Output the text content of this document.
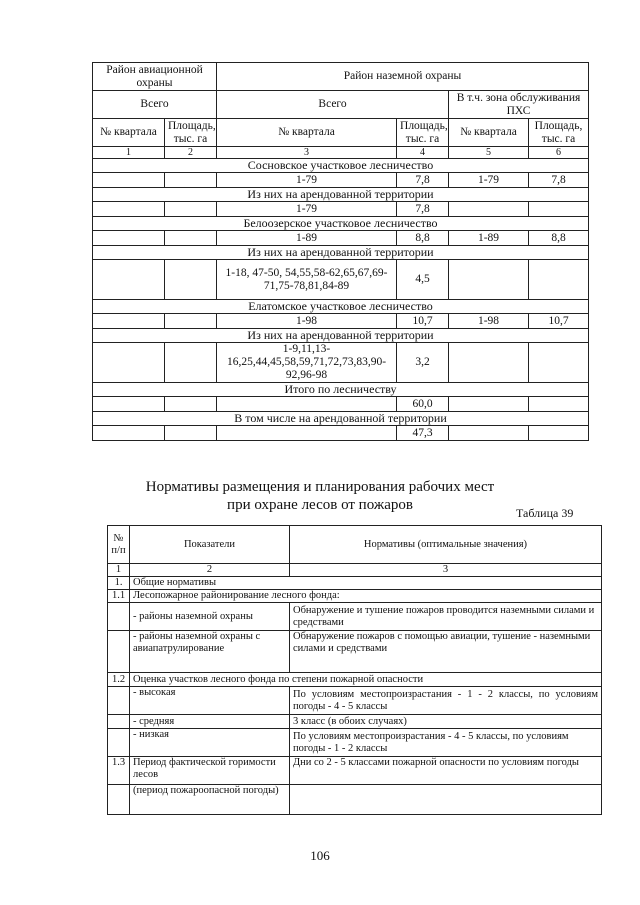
Район авиационной охраны		Район наземной охраны			
Всего		Всего		В т.ч. зона обслуживания ПХС	
№ квартала	Площадь, тыс. га	№ квартала	Площадь, тыс. га	№ квартала	Площадь, тыс. га
1	2	3	4	5	6
Сосновское участковое лесничество					
		1-79	7,8	1-79	7,8
Из них на арендованной территории					
		1-79	7,8		
Белоозерское участковое лесничество					
		1-89	8,8	1-89	8,8
Из них на арендованной территории					
		1-18, 47-50, 54,55,58-62,65,67,69-71,75-78,81,84-89	4,5		
Елатомское участковое лесничество					
		1-98	10,7	1-98	10,7
Из них на арендованной территории					
		1-9,11,13-16,25,44,45,58,59,71,72,73,83,90-92,96-98	3,2		
Итого по лесничеству					
			60,0		
В том числе на арендованной территории					
			47,3		
Нормативы размещения и планирования рабочих мест
при охране лесов от пожаров	Таблица 39
№ п/п	Показатели	Нормативы (оптимальные значения)
1	2	3
1.	Общие нормативы	
1.1	Лесопожарное районирование лесного фонда:	
	- районы наземной охраны	Обнаружение и тушение пожаров проводится наземными силами и средствами
	- районы наземной охраны с авиапатрулирование	Обнаружение пожаров с помощью авиации, тушение - наземными силами и средствами
1.2	Оценка участков лесного фонда по степени пожарной опасности	
	- высокая	По условиям местопроизрастания - 1 - 2 классы, по условиям погоды - 4 - 5 классы
	- средняя	3 класс (в обоих случаях)
	- низкая	По условиям местопроизрастания - 4 - 5 классы, по условиям погоды - 1 - 2 классы
1.3	Период фактической горимости лесов	Дни со 2 - 5 классами пожарной опасности по условиям погоды
	(период пожароопасной погоды)	
106
